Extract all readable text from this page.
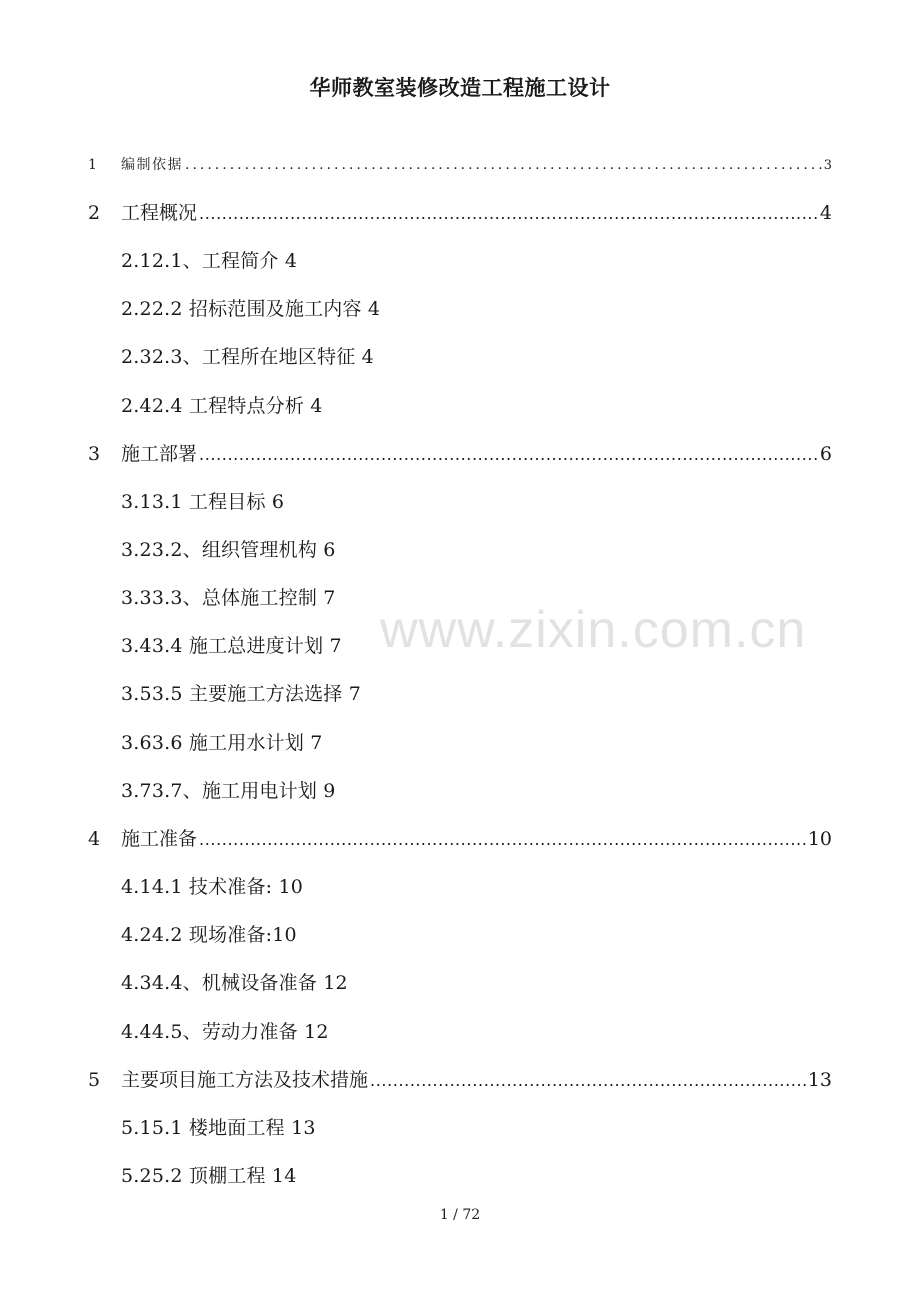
华师教室装修改造工程施工设计
www.zixin.com.cn
1	编制依据 .....	3
2	工程概况 .....	4
2.12.1、工程简介 4
2.22.2 招标范围及施工内容 4
2.32.3、工程所在地区特征 4
2.42.4 工程特点分析 4
3	施工部署 .....	6
3.13.1 工程目标 6
3.23.2、组织管理机构 6
3.33.3、总体施工控制 7
3.43.4 施工总进度计划 7
3.53.5 主要施工方法选择 7
3.63.6 施工用水计划 7
3.73.7、施工用电计划 9
4	施工准备 .....	10
4.14.1 技术准备: 10
4.24.2 现场准备:10
4.34.4、机械设备准备 12
4.44.5、劳动力准备 12
5	主要项目施工方法及技术措施 .....	13
5.15.1 楼地面工程 13
5.25.2 顶棚工程 14
1 / 72
